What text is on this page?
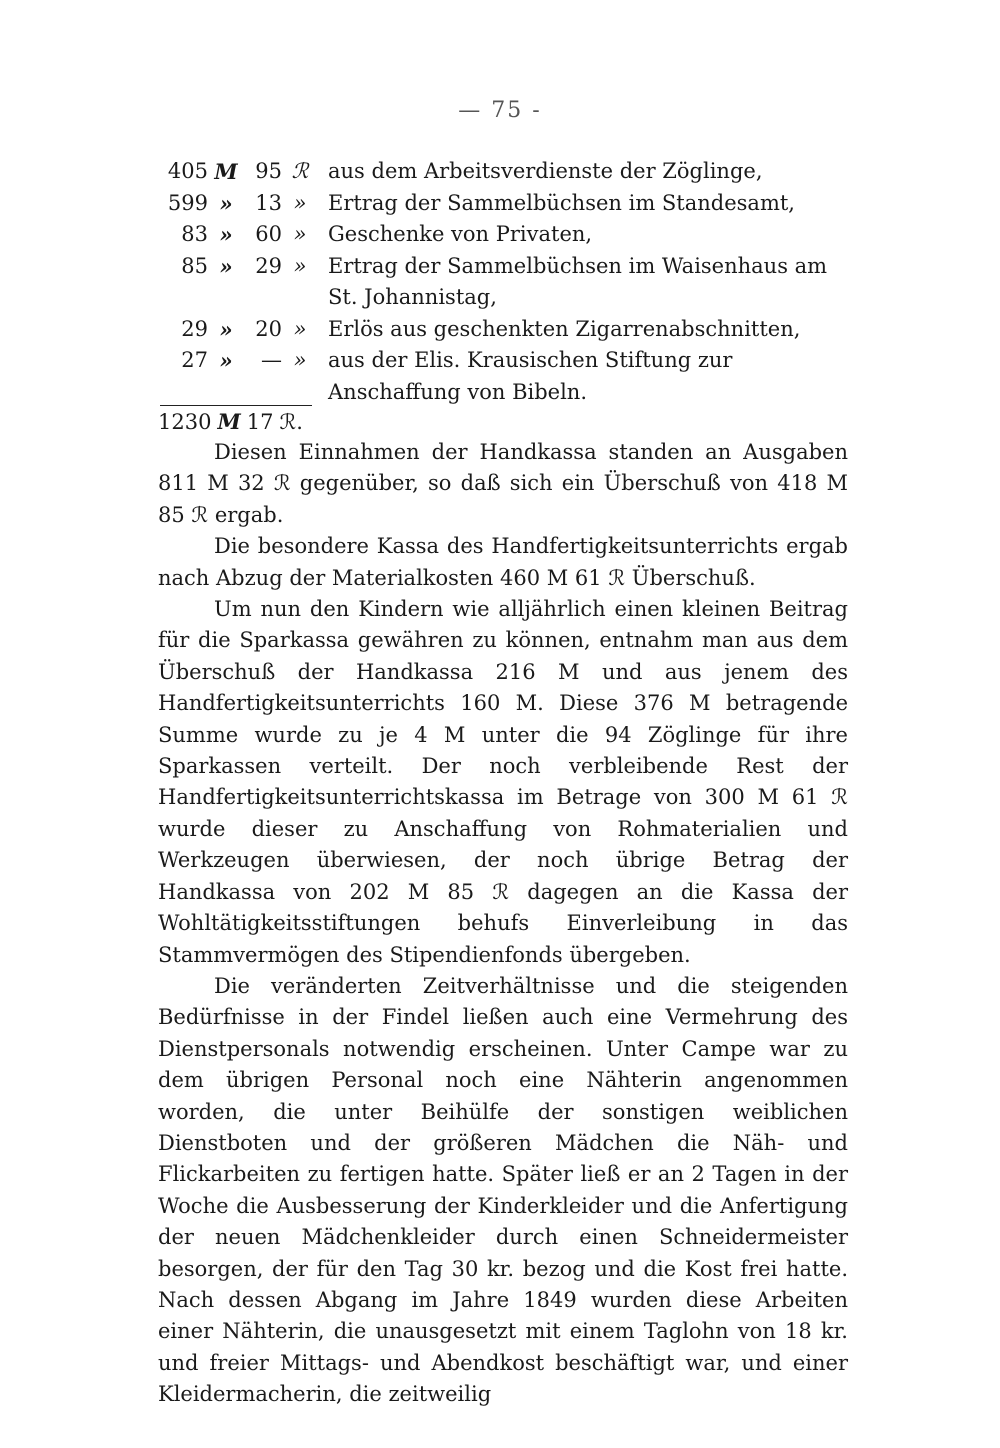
— 75 -
405 M 95 ℛ aus dem Arbeitsverdienste der Zöglinge,
599 »	13 » Ertrag der Sammelbüchsen im Standesamt,
83 »	60 » Geschenke von Privaten,
85 »	29 » Ertrag der Sammelbüchsen im Waisenhaus am St. Johannistag,
29 »	20 » Erlös aus geschenkten Zigarrenabschnitten,
27 »	— » aus der Elis. Krausischen Stiftung zur Anschaffung von Bibeln.
1230 M 17 ℛ.

Diesen Einnahmen der Handkassa standen an Ausgaben 811 M 32 ℛ gegenüber, so daß sich ein Überschuß von 418 M 85 ℛ ergab.

Die besondere Kassa des Handfertigkeitsunterrichts ergab nach Abzug der Materialkosten 460 M 61 ℛ Überschuß.

Um nun den Kindern wie alljährlich einen kleinen Beitrag für die Sparkassa gewähren zu können, entnahm man aus dem Überschuß der Handkassa 216 M und aus jenem des Handfertigkeitsunterrichts 160 M. Diese 376 M betragende Summe wurde zu je 4 M unter die 94 Zöglinge für ihre Sparkassen verteilt. Der noch verbleibende Rest der Handfertigkeitsunterrichtskassa im Betrage von 300 M 61 ℛ wurde dieser zu Anschaffung von Rohmaterialien und Werkzeugen überwiesen, der noch übrige Betrag der Handkassa von 202 M 85 ℛ dagegen an die Kassa der Wohltätigkeitsstiftungen behufs Einverleibung in das Stammvermögen des Stipendienfonds übergeben.

Die veränderten Zeitverhältnisse und die steigenden Bedürfnisse in der Findel ließen auch eine Vermehrung des Dienstpersonals notwendig erscheinen. Unter Campe war zu dem übrigen Personal noch eine Nähterin angenommen worden, die unter Beihülfe der sonstigen weiblichen Dienstboten und der größeren Mädchen die Näh- und Flickarbeiten zu fertigen hatte. Später ließ er an 2 Tagen in der Woche die Ausbesserung der Kinderkleider und die Anfertigung der neuen Mädchenkleider durch einen Schneidermeister besorgen, der für den Tag 30 kr. bezog und die Kost frei hatte. Nach dessen Abgang im Jahre 1849 wurden diese Arbeiten einer Nähterin, die unausgesetzt mit einem Taglohn von 18 kr. und freier Mittags- und Abendkost beschäftigt war, und einer Kleidermacherin, die zeitweilig
